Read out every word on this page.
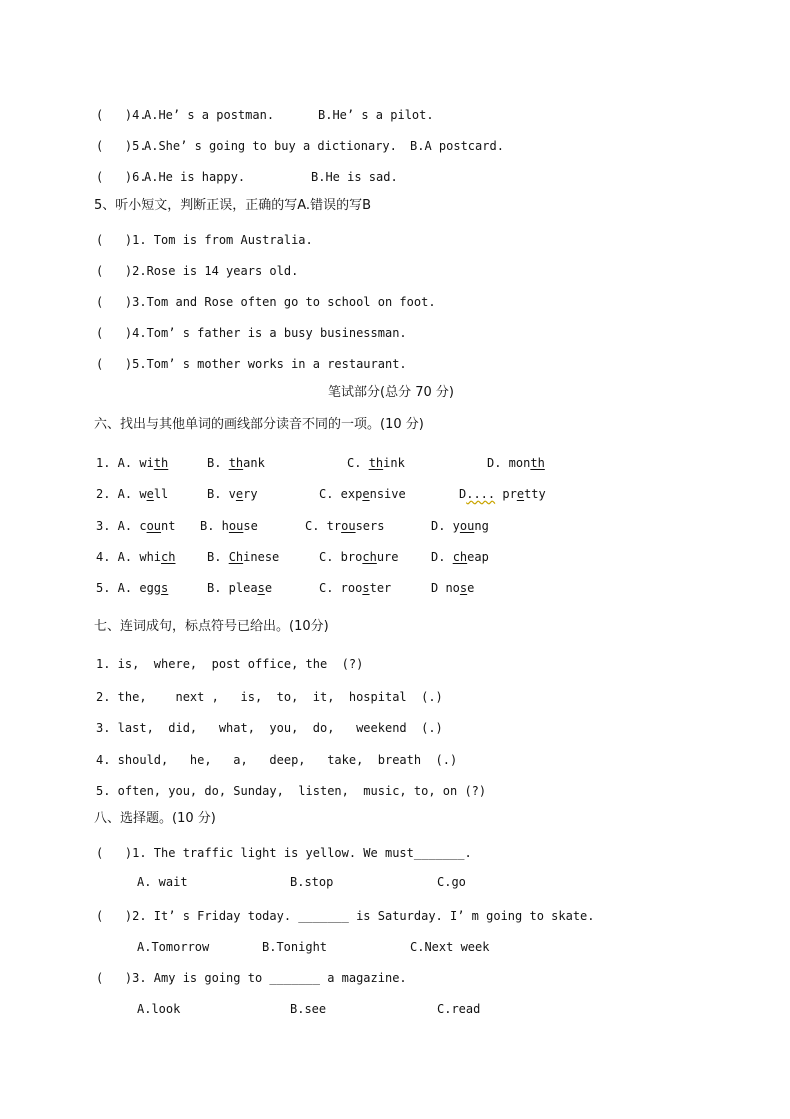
(   )4.
A.He’ s a postman.	B.He’ s a pilot.
(   )5.
A.She’ s going to buy a dictionary. B.A postcard.
(   )6.
A.He is happy.	B.He is sad.
5、听小短文，判断正误，正确的写A.错误的写B
(   )1. Tom is from Australia.
(   )2.Rose is 14 years old.
(   )3.Tom and Rose often go to school on foot.
(   )4.Tom’ s father is a busy businessman.
(   )5.Tom’ s mother works in a restaurant.
笔试部分(总分 70 分)
六、找出与其他单词的画线部分读音不同的一项。(10 分)
1. A. with	B. thank	C. think	D. month
2. A. well	B. very	C. expensive	D.... pretty
3. A. count B. house	C. trousers	D. young
4. A. which	B. Chinese	C. brochure	D. cheap
5. A. eggs	B. please	C. rooster	D nose
七、连词成句，标点符号已给出。(10分)
1. is,  where,  post office, the  (?)
2. the,    next ,   is,  to,  it,  hospital  (.)
3. last,  did,   what,  you,  do,   weekend  (.)
4. should,   he,   a,   deep,   take,  breath  (.)
5. often, you, do, Sunday,  listen,  music, to, on (?)
八、选择题。(10 分)
(   )1. The traffic light is yellow. We must_______.
A. wait	B.stop	C.go
(   )2. It’ s Friday today. _______ is Saturday. I’ m going to skate.
A.Tomorrow	B.Tonight	C.Next week
(   )3. Amy is going to _______ a magazine.
A.look	B.see	C.read
